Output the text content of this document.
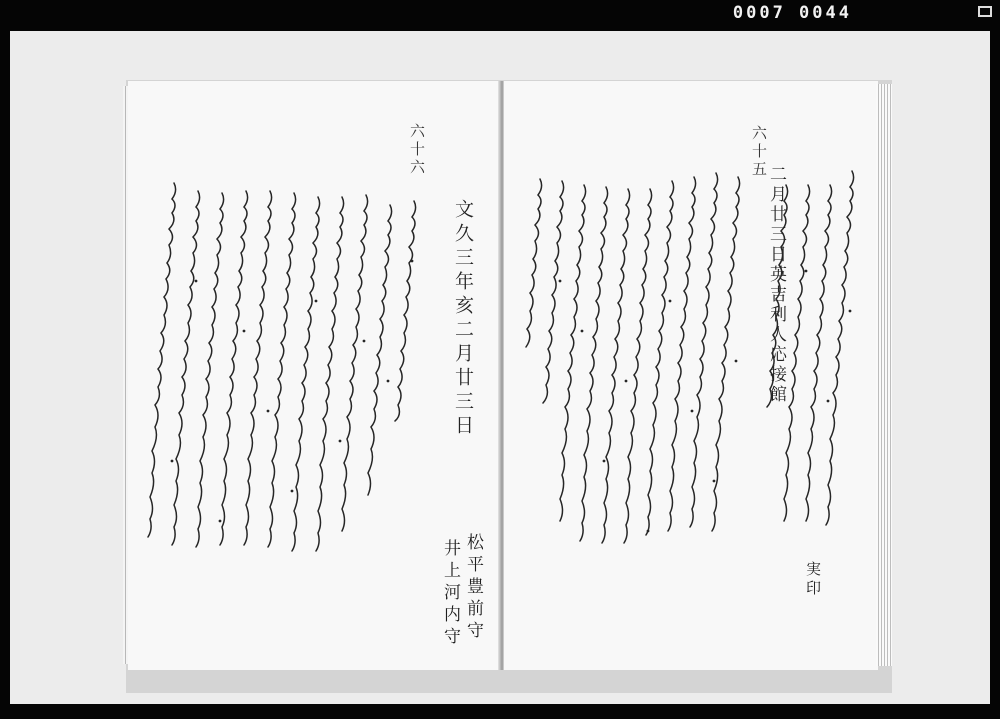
0007 0044
六十六
文久三年亥二月廿三日
松平豊前守
井上河内守
六十五
二月廿三日英吉利人応接館
実印
